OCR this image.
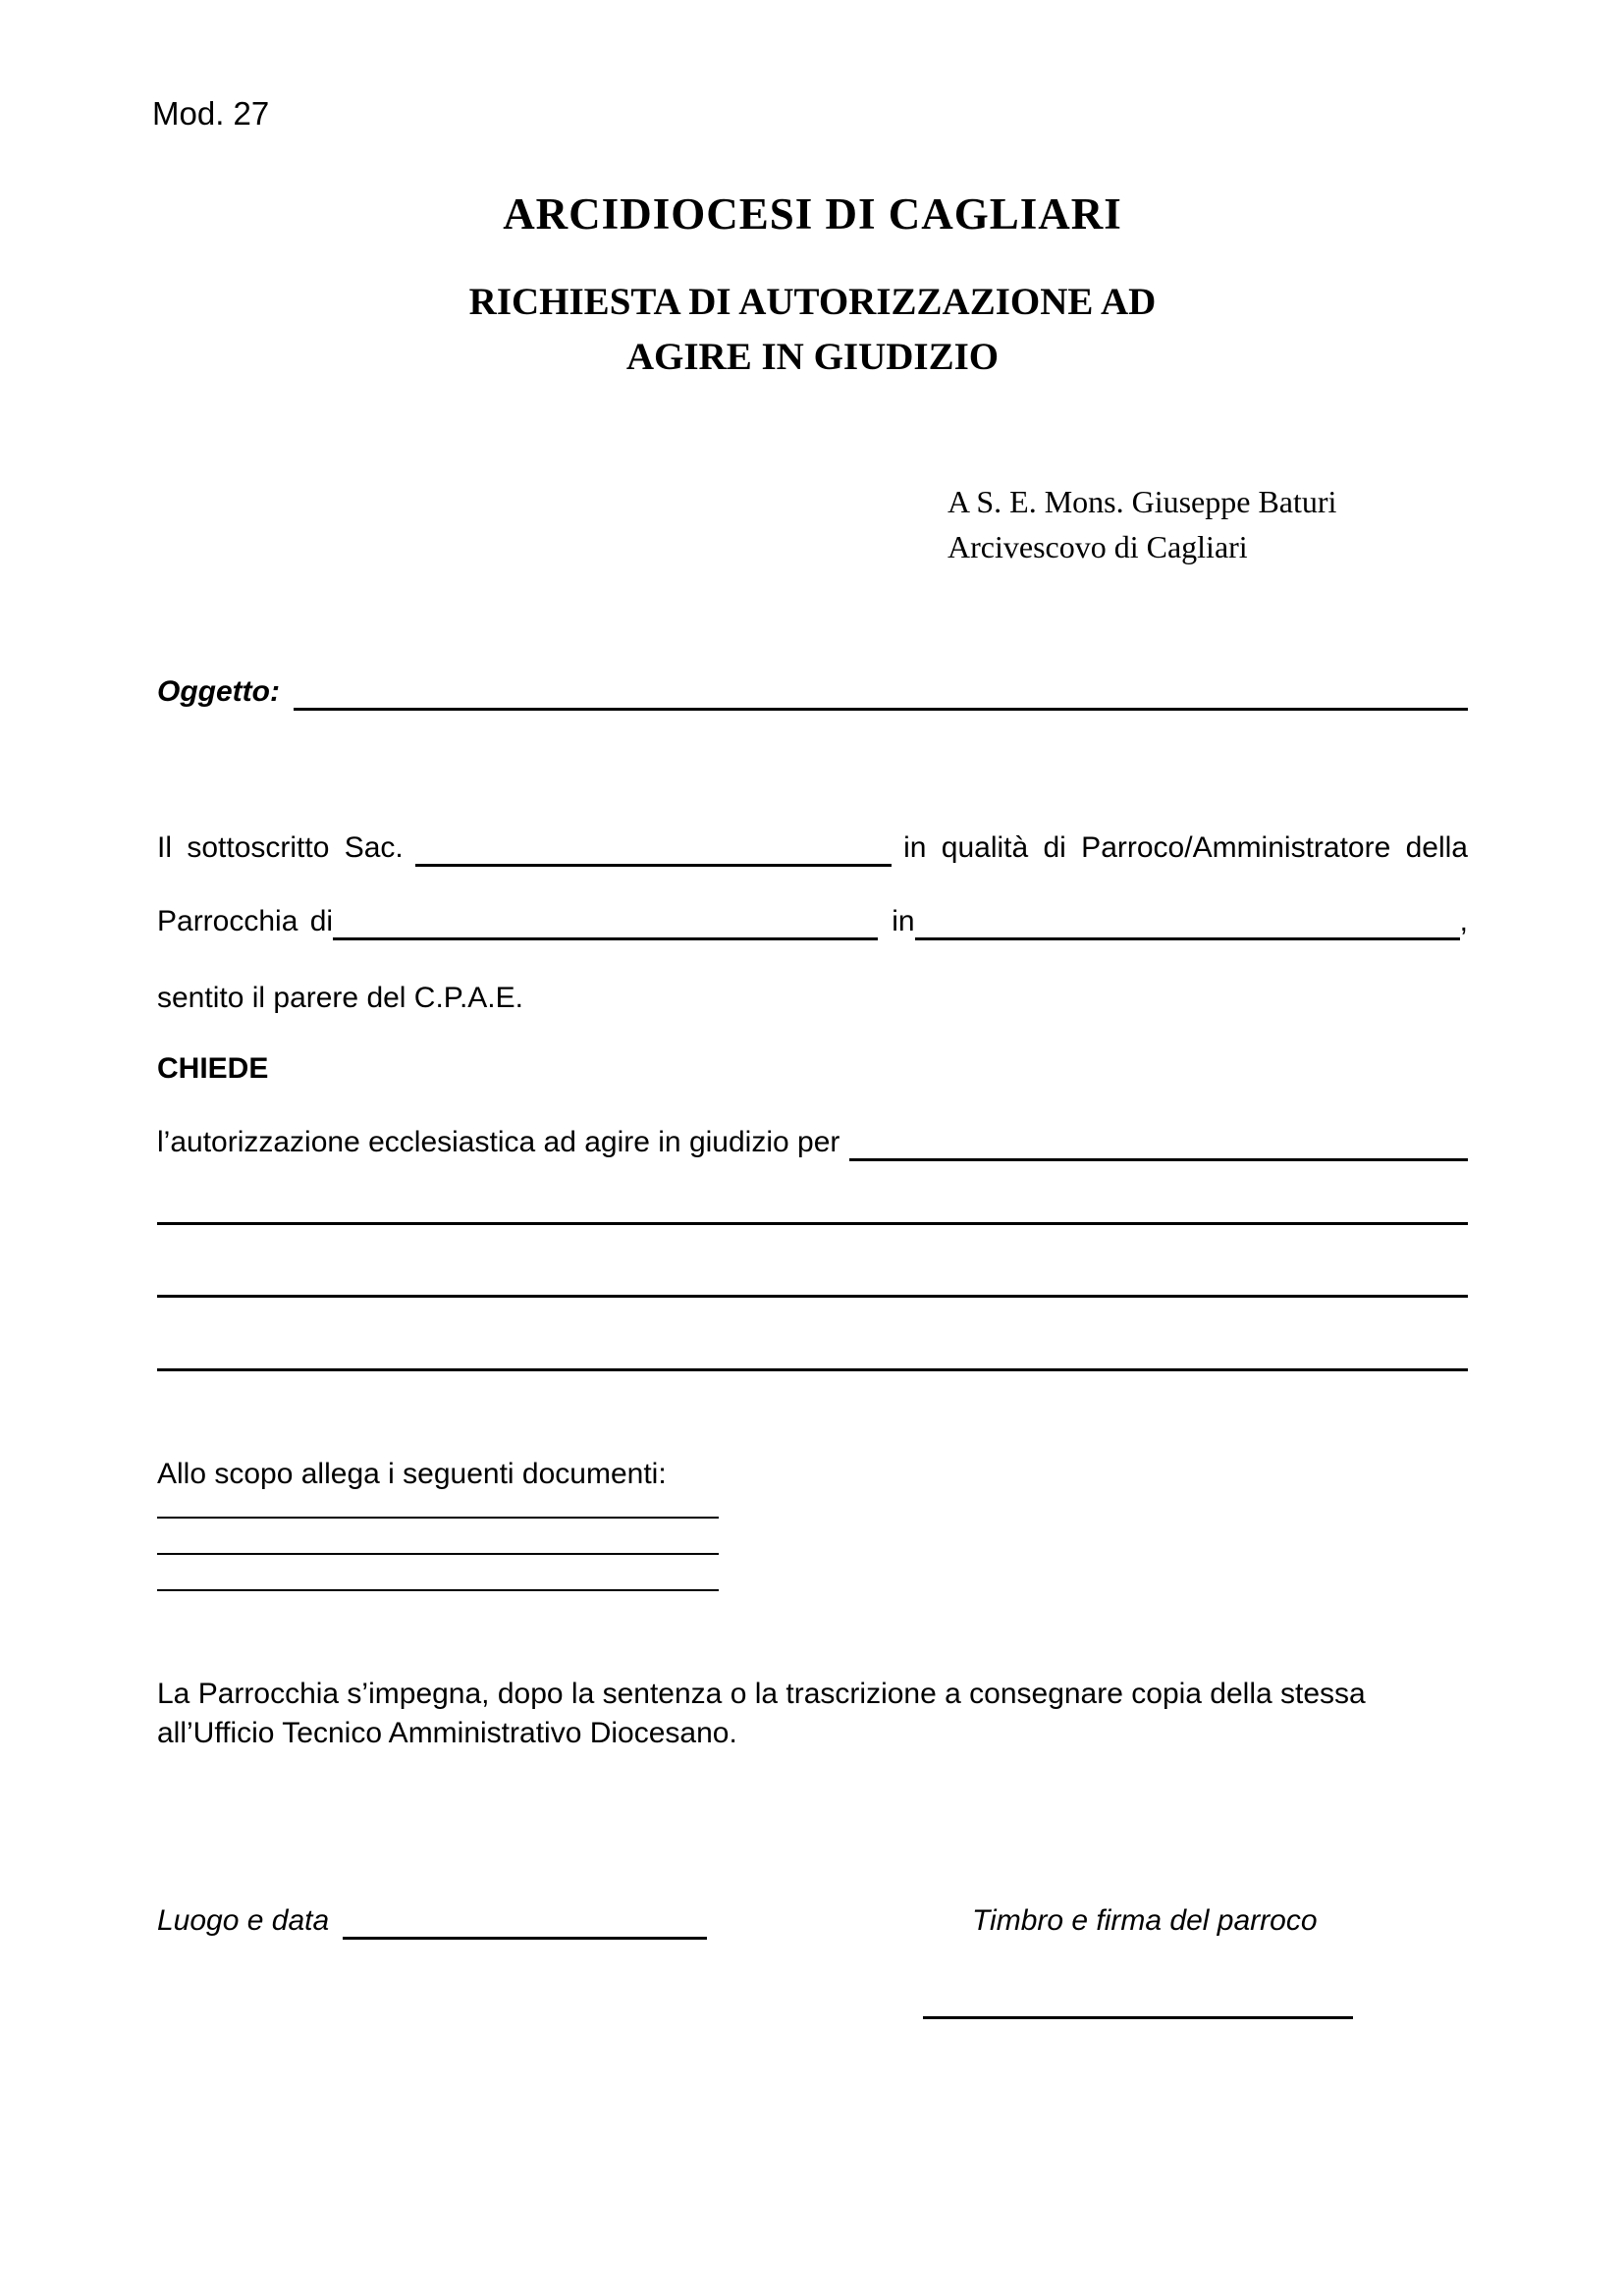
Mod. 27
ARCIDIOCESI DI CAGLIARI
RICHIESTA DI AUTORIZZAZIONE AD
AGIRE IN GIUDIZIO
A S. E. Mons. Giuseppe Baturi
Arcivescovo di Cagliari
Oggetto:
Il sottoscritto Sac.	in qualità di Parroco/Amministratore della
Parrocchia di	in	,
sentito il parere del C.P.A.E.
CHIEDE
l’autorizzazione ecclesiastica ad agire in giudizio per
Allo scopo allega i seguenti documenti:
La Parrocchia s’impegna, dopo la sentenza o la trascrizione a consegnare copia della stessa all’Ufficio Tecnico Amministrativo Diocesano.
Luogo e data	Timbro e firma del parroco
